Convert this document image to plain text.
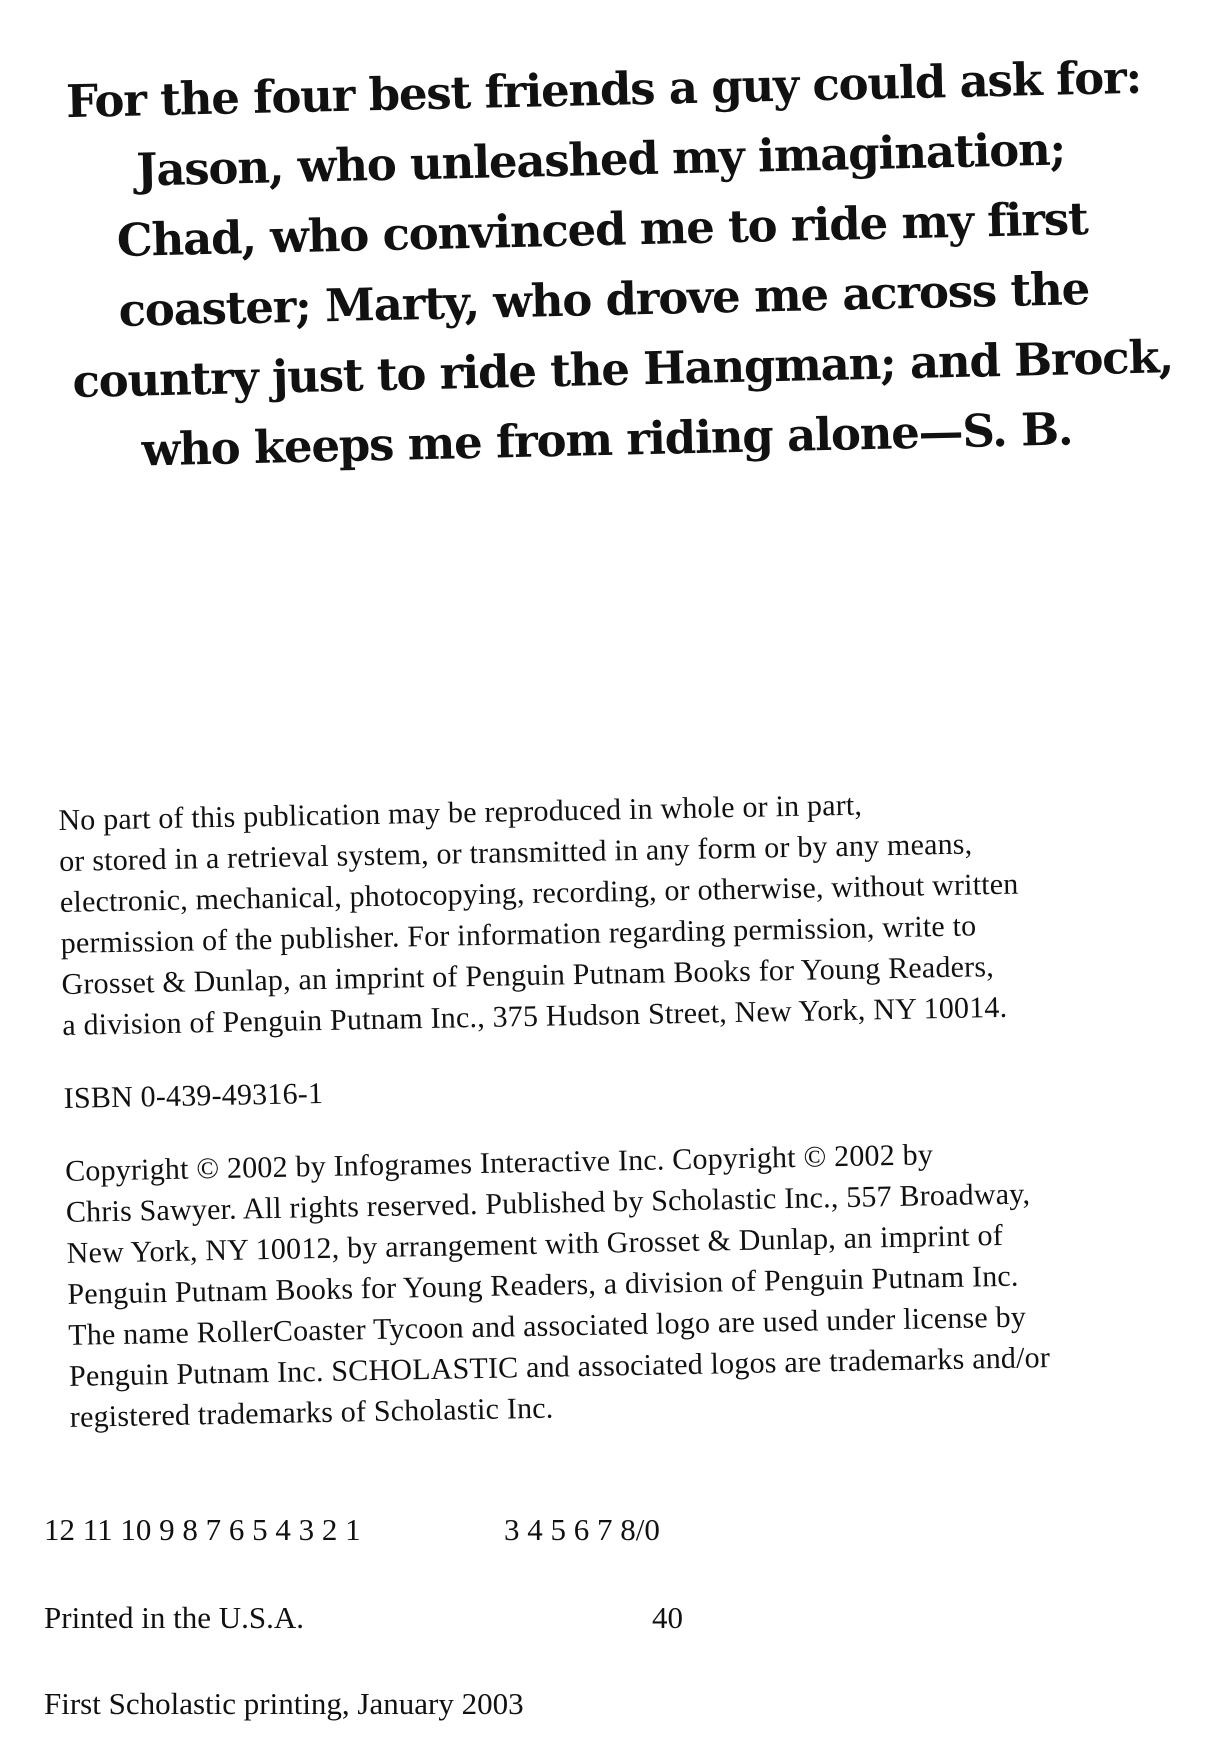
For the four best friends a guy could ask for:
Jason, who unleashed my imagination;
Chad, who convinced me to ride my first
coaster; Marty, who drove me across the
country just to ride the Hangman; and Brock,
who keeps me from riding alone—S. B.
No part of this publication may be reproduced in whole or in part,
or stored in a retrieval system, or transmitted in any form or by any means,
electronic, mechanical, photocopying, recording, or otherwise, without written
permission of the publisher. For information regarding permission, write to
Grosset & Dunlap, an imprint of Penguin Putnam Books for Young Readers,
a division of Penguin Putnam Inc., 375 Hudson Street, New York, NY 10014.
ISBN 0-439-49316-1
Copyright © 2002 by Infogrames Interactive Inc. Copyright © 2002 by
Chris Sawyer. All rights reserved. Published by Scholastic Inc., 557 Broadway,
New York, NY 10012, by arrangement with Grosset & Dunlap, an imprint of
Penguin Putnam Books for Young Readers, a division of Penguin Putnam Inc.
The name RollerCoaster Tycoon and associated logo are used under license by
Penguin Putnam Inc. SCHOLASTIC and associated logos are trademarks and/or
registered trademarks of Scholastic Inc.
12 11 10 9 8 7 6 5 4 3 2 1	3 4 5 6 7 8/0
Printed in the U.S.A.	40
First Scholastic printing, January 2003
